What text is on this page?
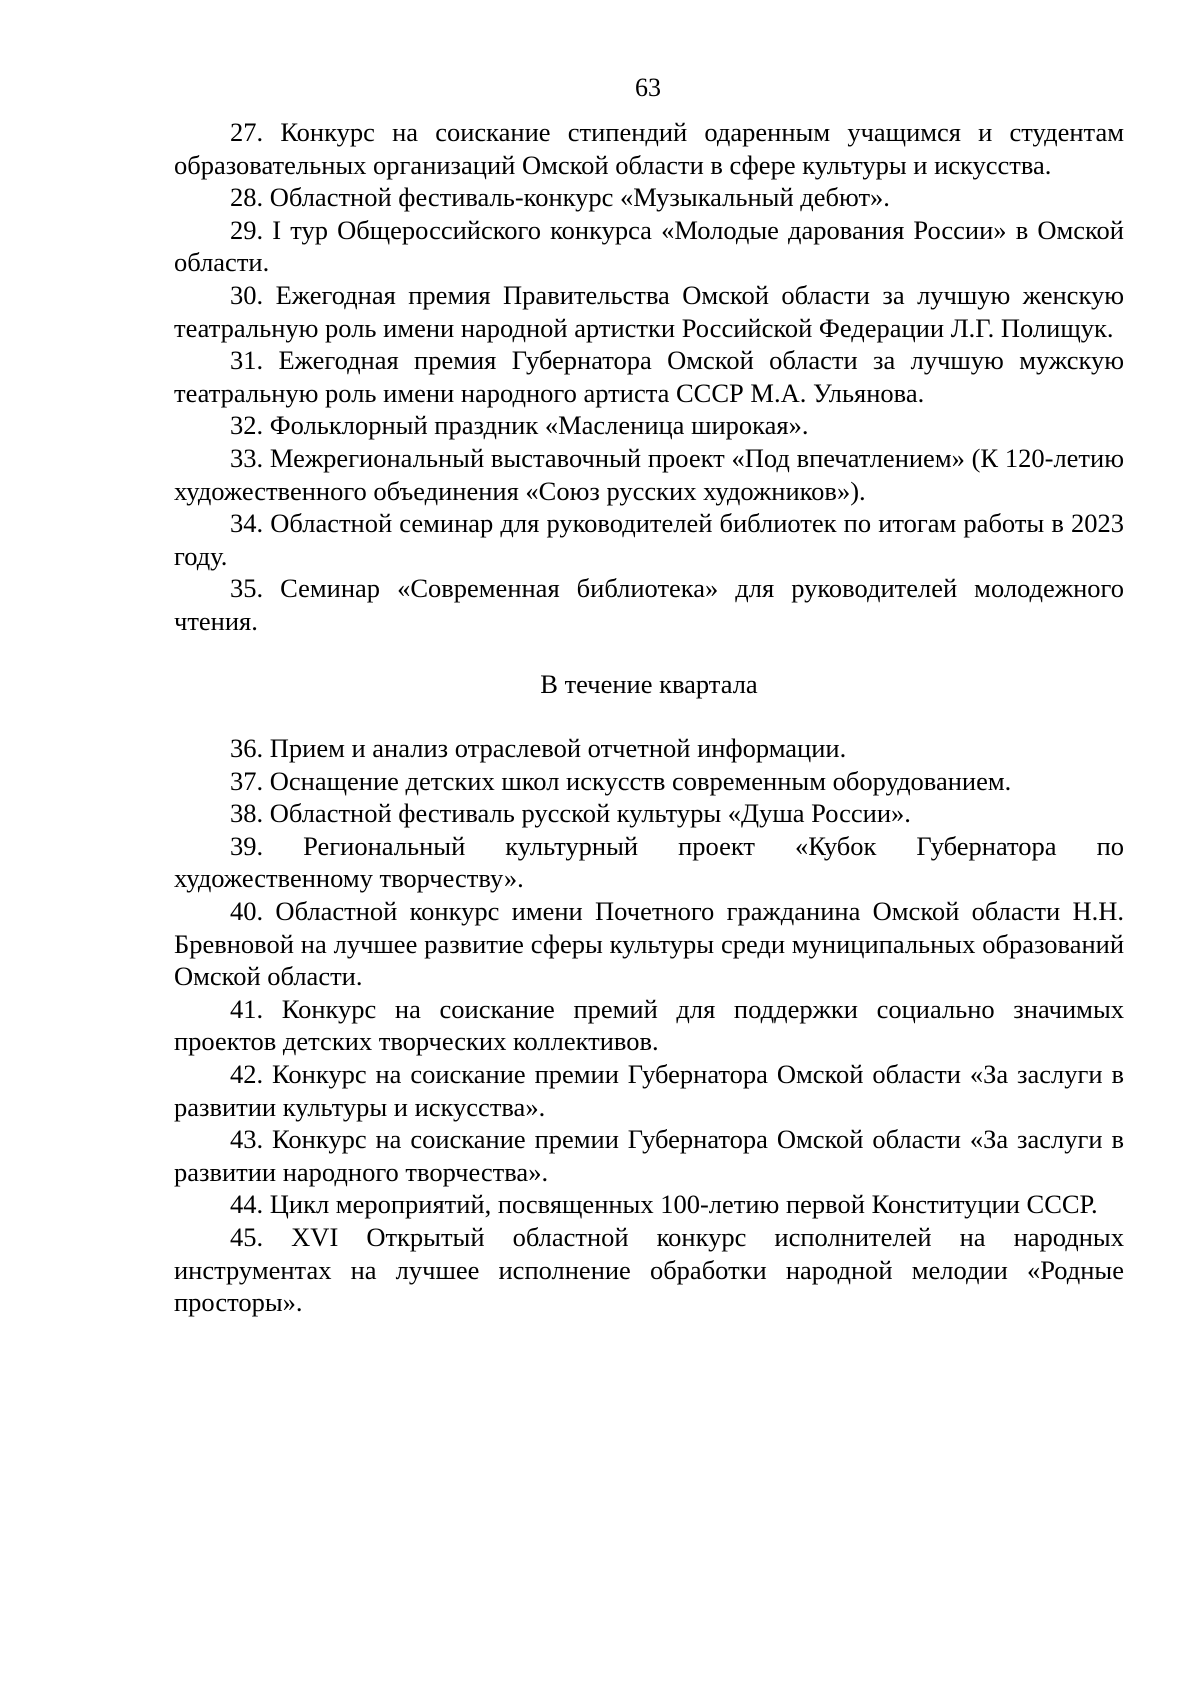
63

27. Конкурс на соискание стипендий одаренным учащимся и студентам образовательных организаций Омской области в сфере культуры и искусства.

28. Областной фестиваль-конкурс «Музыкальный дебют».

29. I тур Общероссийского конкурса «Молодые дарования России» в Омской области.

30. Ежегодная премия Правительства Омской области за лучшую женскую театральную роль имени народной артистки Российской Федерации Л.Г. Полищук.

31. Ежегодная премия Губернатора Омской области за лучшую мужскую театральную роль имени народного артиста СССР М.А. Ульянова.

32. Фольклорный праздник «Масленица широкая».

33. Межрегиональный выставочный проект «Под впечатлением» (К 120-летию художественного объединения «Союз русских художников»).

34. Областной семинар для руководителей библиотек по итогам работы в 2023 году.

35. Семинар «Современная библиотека» для руководителей молодежного чтения.

В течение квартала

36. Прием и анализ отраслевой отчетной информации.

37. Оснащение детских школ искусств современным оборудованием.

38. Областной фестиваль русской культуры «Душа России».

39. Региональный культурный проект «Кубок Губернатора по художественному творчеству».

40. Областной конкурс имени Почетного гражданина Омской области Н.Н. Бревновой на лучшее развитие сферы культуры среди муниципальных образований Омской области.

41. Конкурс на соискание премий для поддержки социально значимых проектов детских творческих коллективов.

42. Конкурс на соискание премии Губернатора Омской области «За заслуги в развитии культуры и искусства».

43. Конкурс на соискание премии Губернатора Омской области «За заслуги в развитии народного творчества».

44. Цикл мероприятий, посвященных 100-летию первой Конституции СССР.

45. XVI Открытый областной конкурс исполнителей на народных инструментах на лучшее исполнение обработки народной мелодии «Родные просторы».
